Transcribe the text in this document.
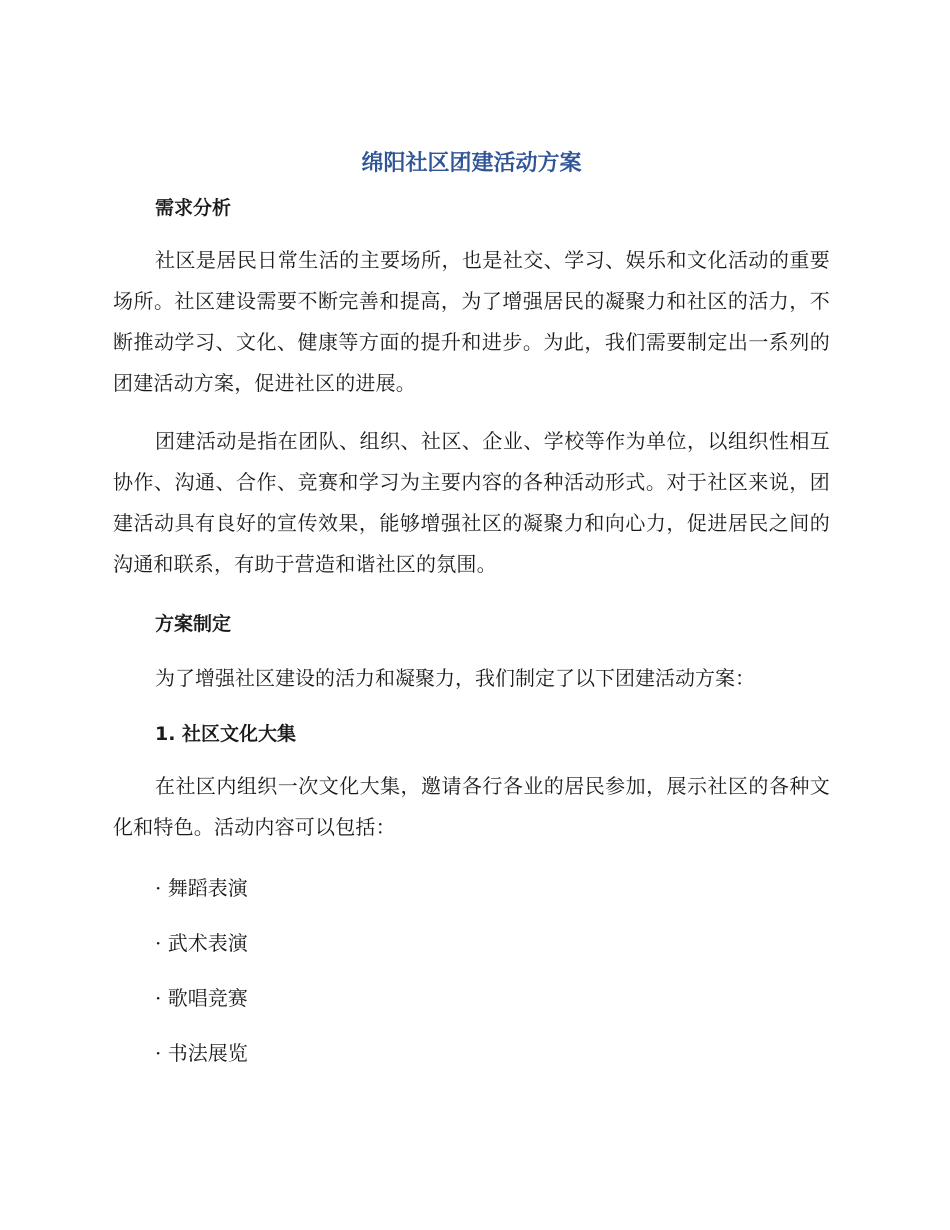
绵阳社区团建活动方案
需求分析

社区是居民日常生活的主要场所，也是社交、学习、娱乐和文化活动的重要场所。社区建设需要不断完善和提高，为了增强居民的凝聚力和社区的活力，不断推动学习、文化、健康等方面的提升和进步。为此，我们需要制定出一系列的团建活动方案，促进社区的进展。

团建活动是指在团队、组织、社区、企业、学校等作为单位，以组织性相互协作、沟通、合作、竞赛和学习为主要内容的各种活动形式。对于社区来说，团建活动具有良好的宣传效果，能够增强社区的凝聚力和向心力，促进居民之间的沟通和联系，有助于营造和谐社区的氛围。

方案制定

为了增强社区建设的活力和凝聚力，我们制定了以下团建活动方案：

1. 社区文化大集

在社区内组织一次文化大集，邀请各行各业的居民参加，展示社区的各种文化和特色。活动内容可以包括：

· 舞蹈表演

· 武术表演

· 歌唱竞赛

· 书法展览
